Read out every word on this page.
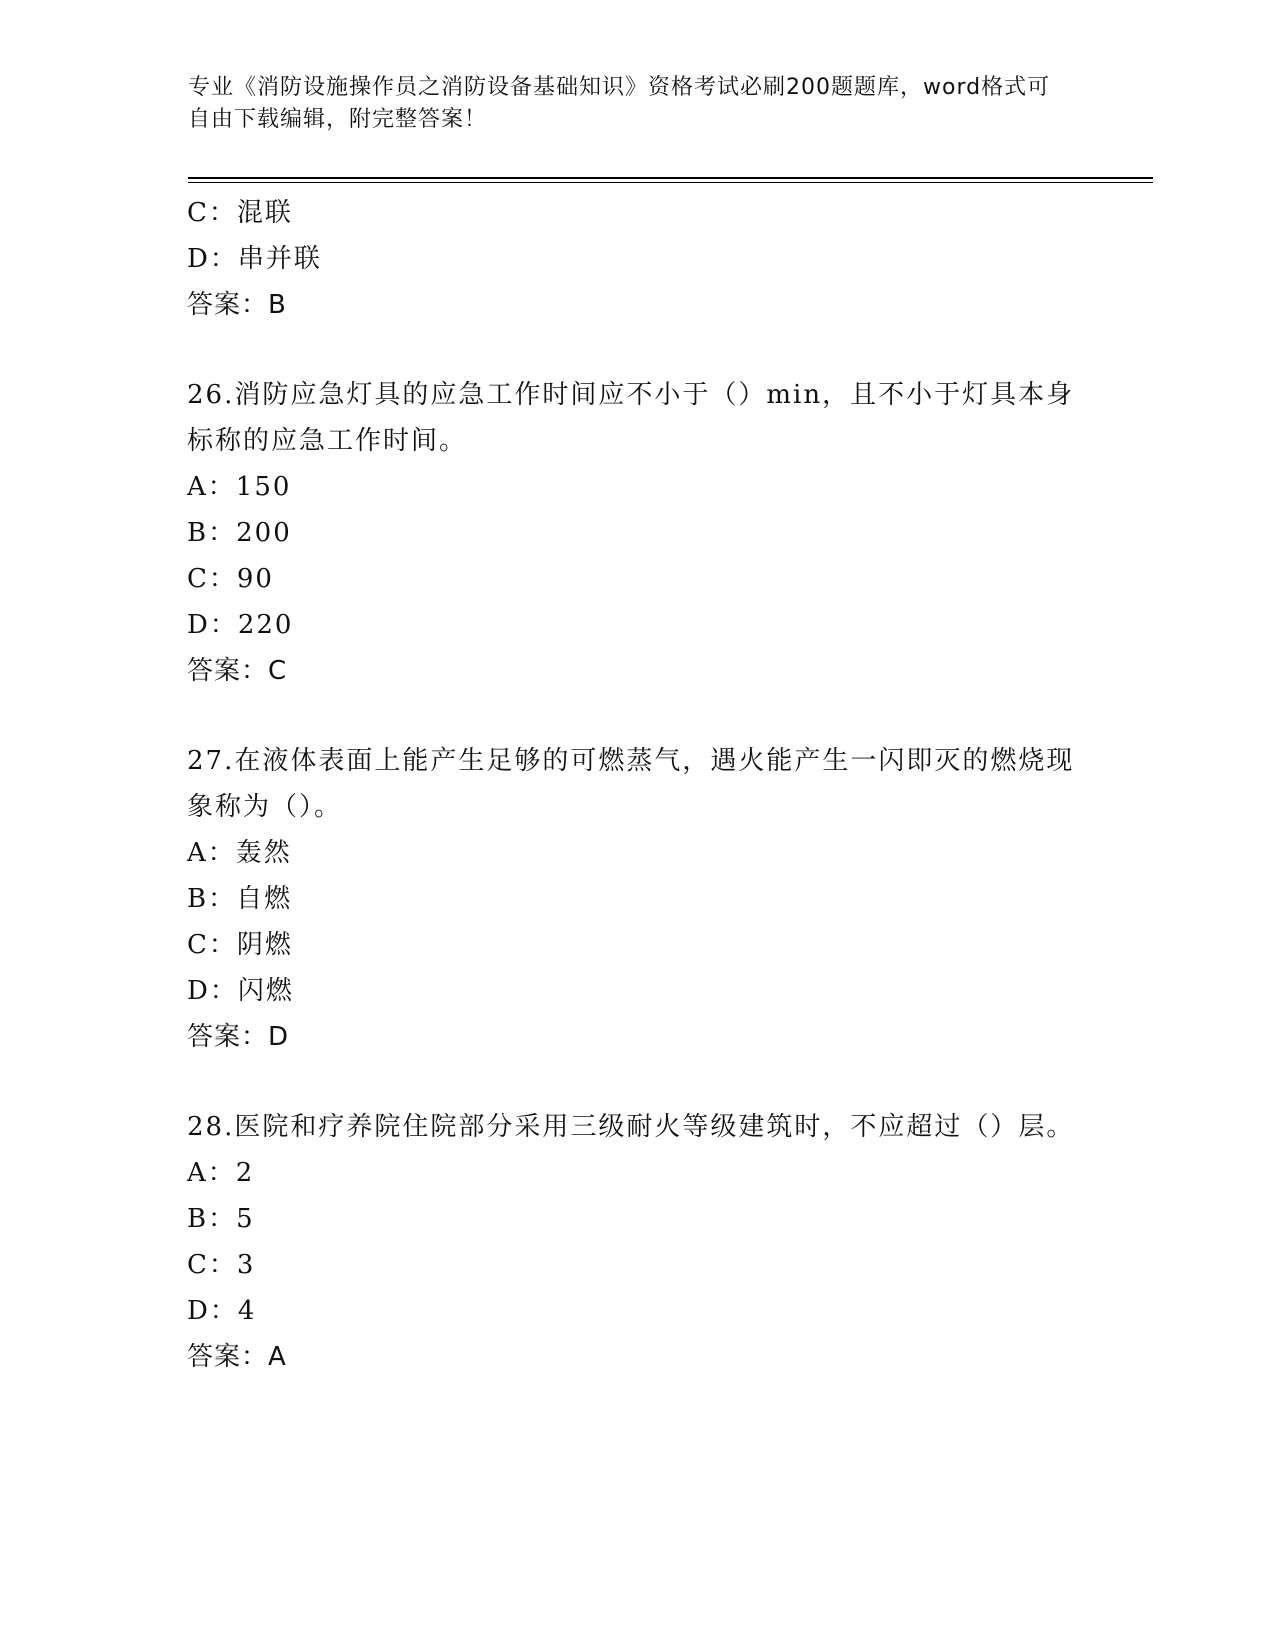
专业《消防设施操作员之消防设备基础知识》资格考试必刷200题题库，word格式可自由下载编辑，附完整答案！
C：混联
D：串并联
答案：B
26.消防应急灯具的应急工作时间应不小于（）min，且不小于灯具本身标称的应急工作时间。
A：150
B：200
C：90
D：220
答案：C
27.在液体表面上能产生足够的可燃蒸气，遇火能产生一闪即灭的燃烧现象称为（）。
A：轰然
B：自燃
C：阴燃
D：闪燃
答案：D
28.医院和疗养院住院部分采用三级耐火等级建筑时，不应超过（）层。
A：2
B：5
C：3
D：4
答案：A
